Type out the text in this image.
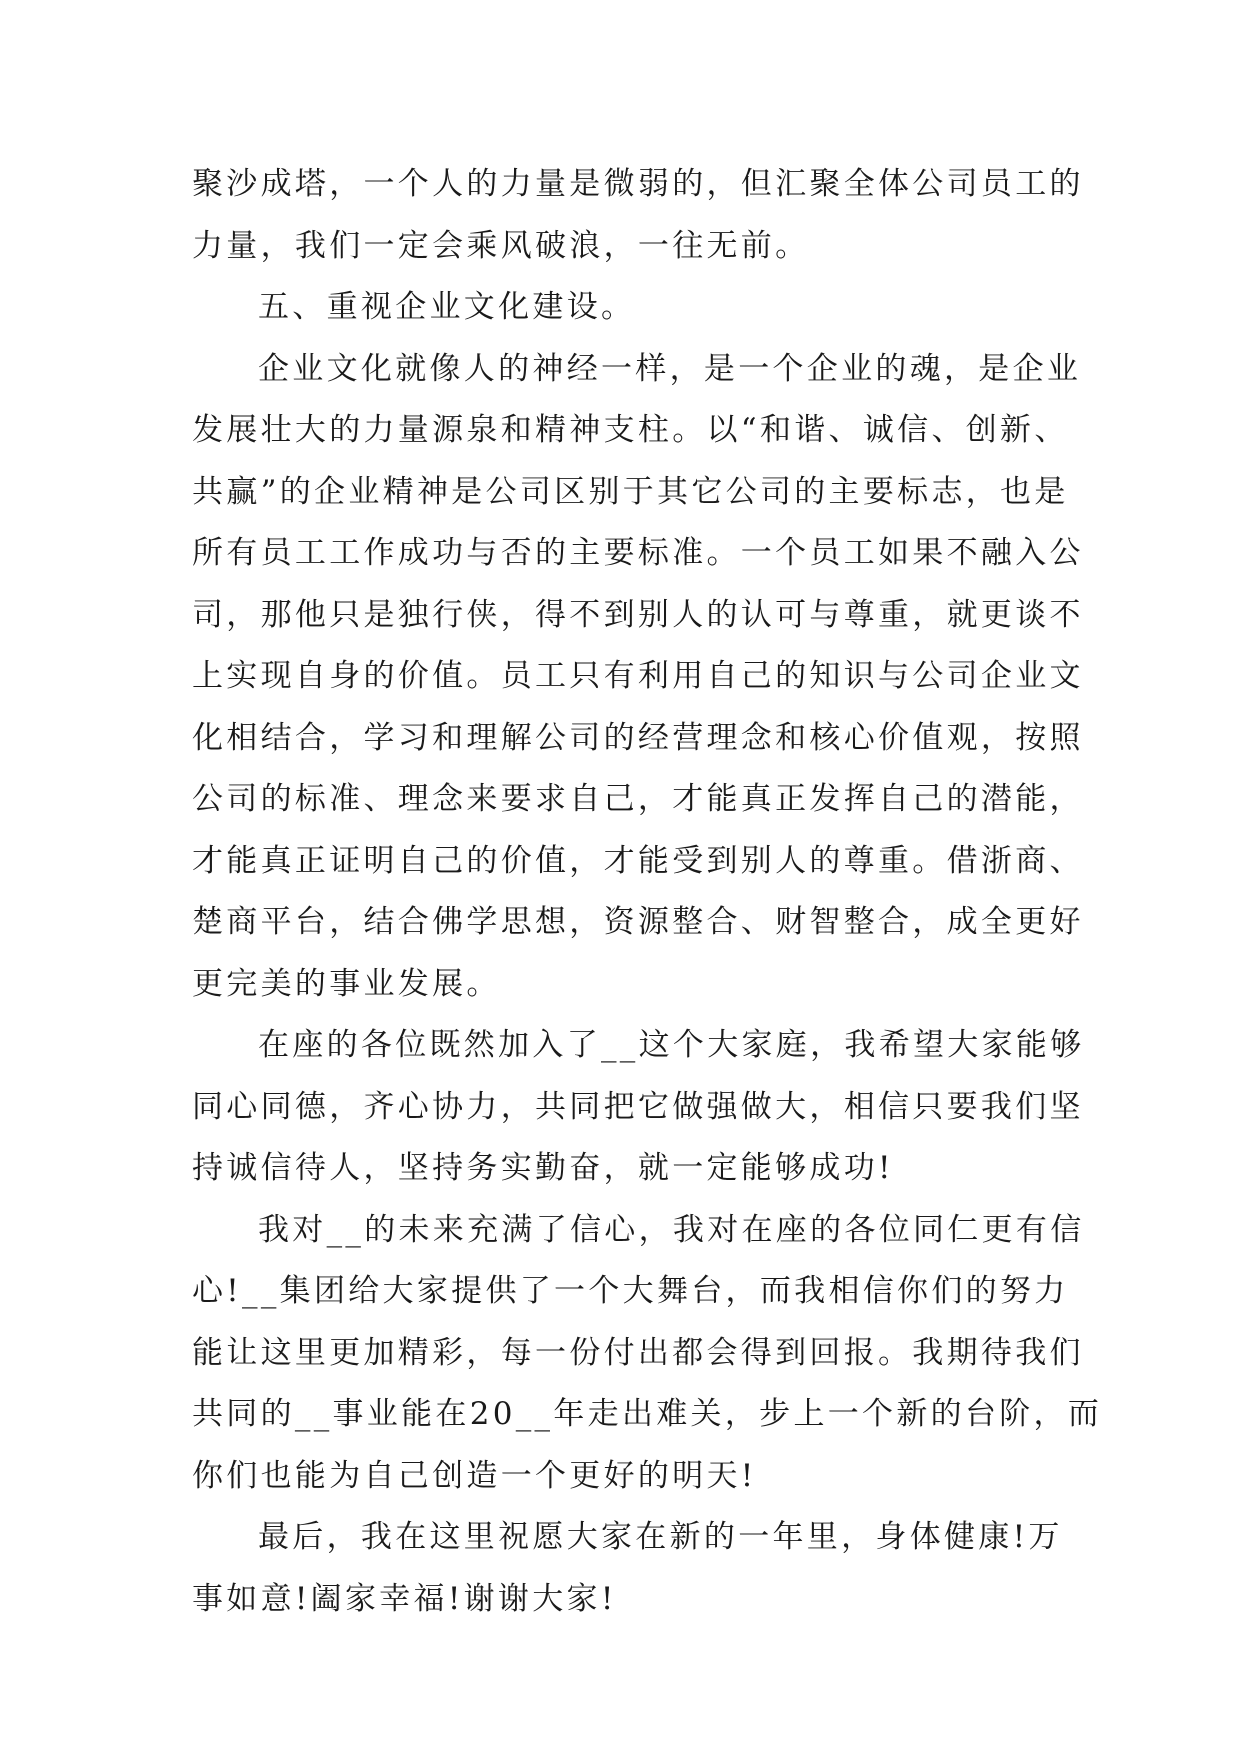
聚沙成塔，一个人的力量是微弱的，但汇聚全体公司员工的
力量，我们一定会乘风破浪，一往无前。
五、重视企业文化建设。
企业文化就像人的神经一样，是一个企业的魂，是企业
发展壮大的力量源泉和精神支柱。以“和谐、诚信、创新、
共赢”的企业精神是公司区别于其它公司的主要标志，也是
所有员工工作成功与否的主要标准。一个员工如果不融入公
司，那他只是独行侠，得不到别人的认可与尊重，就更谈不
上实现自身的价值。员工只有利用自己的知识与公司企业文
化相结合，学习和理解公司的经营理念和核心价值观，按照
公司的标准、理念来要求自己，才能真正发挥自己的潜能，
才能真正证明自己的价值，才能受到别人的尊重。借浙商、
楚商平台，结合佛学思想，资源整合、财智整合，成全更好
更完美的事业发展。
在座的各位既然加入了__这个大家庭，我希望大家能够
同心同德，齐心协力，共同把它做强做大，相信只要我们坚
持诚信待人，坚持务实勤奋，就一定能够成功!
我对__的未来充满了信心，我对在座的各位同仁更有信
心!__集团给大家提供了一个大舞台，而我相信你们的努力
能让这里更加精彩，每一份付出都会得到回报。我期待我们
共同的__事业能在20__年走出难关，步上一个新的台阶，而
你们也能为自己创造一个更好的明天!
最后，我在这里祝愿大家在新的一年里，身体健康!万
事如意!阖家幸福!谢谢大家!
